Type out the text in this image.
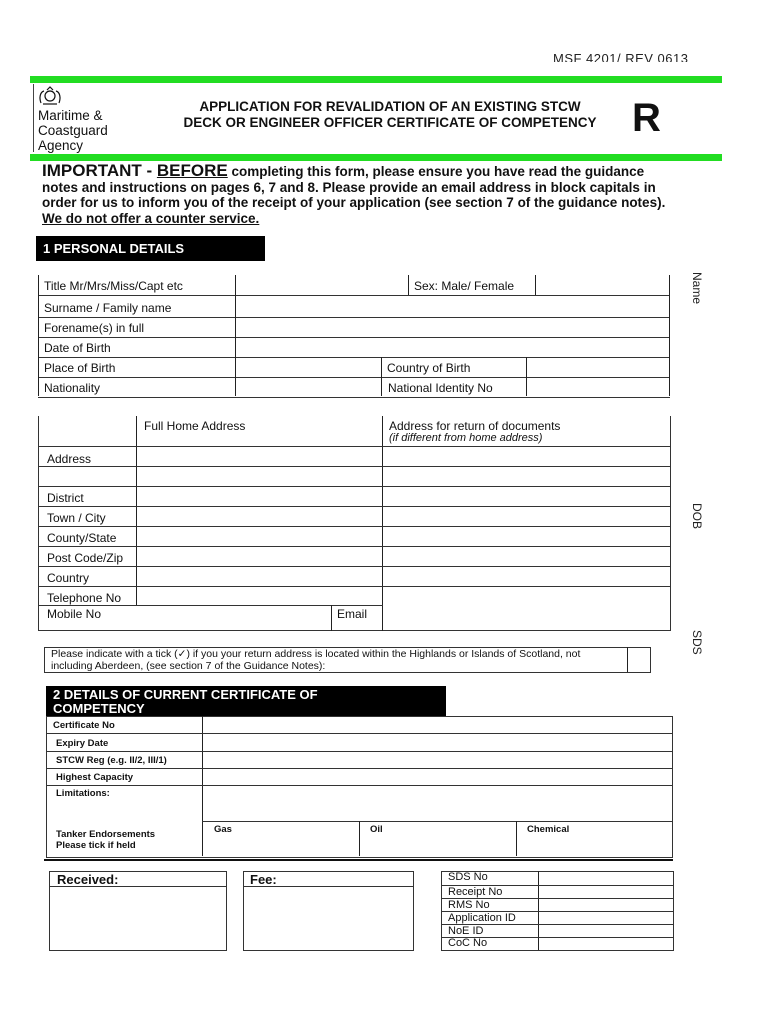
MSF 4201/ REV 0613
Maritime &
Coastguard
Agency
APPLICATION FOR REVALIDATION OF AN EXISTING STCW
DECK OR ENGINEER OFFICER CERTIFICATE OF COMPETENCY R
IMPORTANT - BEFORE completing this form, please ensure you have read the guidance notes and instructions on pages 6, 7 and 8. Please provide an email address in block capitals in order for us to inform you of the receipt of your application (see section 7 of the guidance notes). We do not offer a counter service.
1 PERSONAL DETAILS
Name
DOB
SDS
Title Mr/Mrs/Miss/Capt etc	Sex: Male/ Female
Surname / Family name
Forename(s) in full
Date of Birth
Place of Birth	Country of Birth
Nationality	National Identity No
Full Home Address	Address for return of documents
(if different from home address)
Address
District
Town / City
County/State
Post Code/Zip
Country
Telephone No
Mobile No	Email
Please indicate with a tick (✓) if you your return address is located within the Highlands or Islands of Scotland, not including Aberdeen, (see section 7 of the Guidance Notes):
2 DETAILS OF CURRENT CERTIFICATE OF
COMPETENCY
Certificate No
Expiry Date
STCW Reg (e.g. II/2, III/1)
Highest Capacity
Limitations:
Tanker Endorsements
Please tick if held
Gas	Oil	Chemical
Received:	Fee:	SDS No
Receipt No
RMS No
Application ID
NoE ID
CoC No
